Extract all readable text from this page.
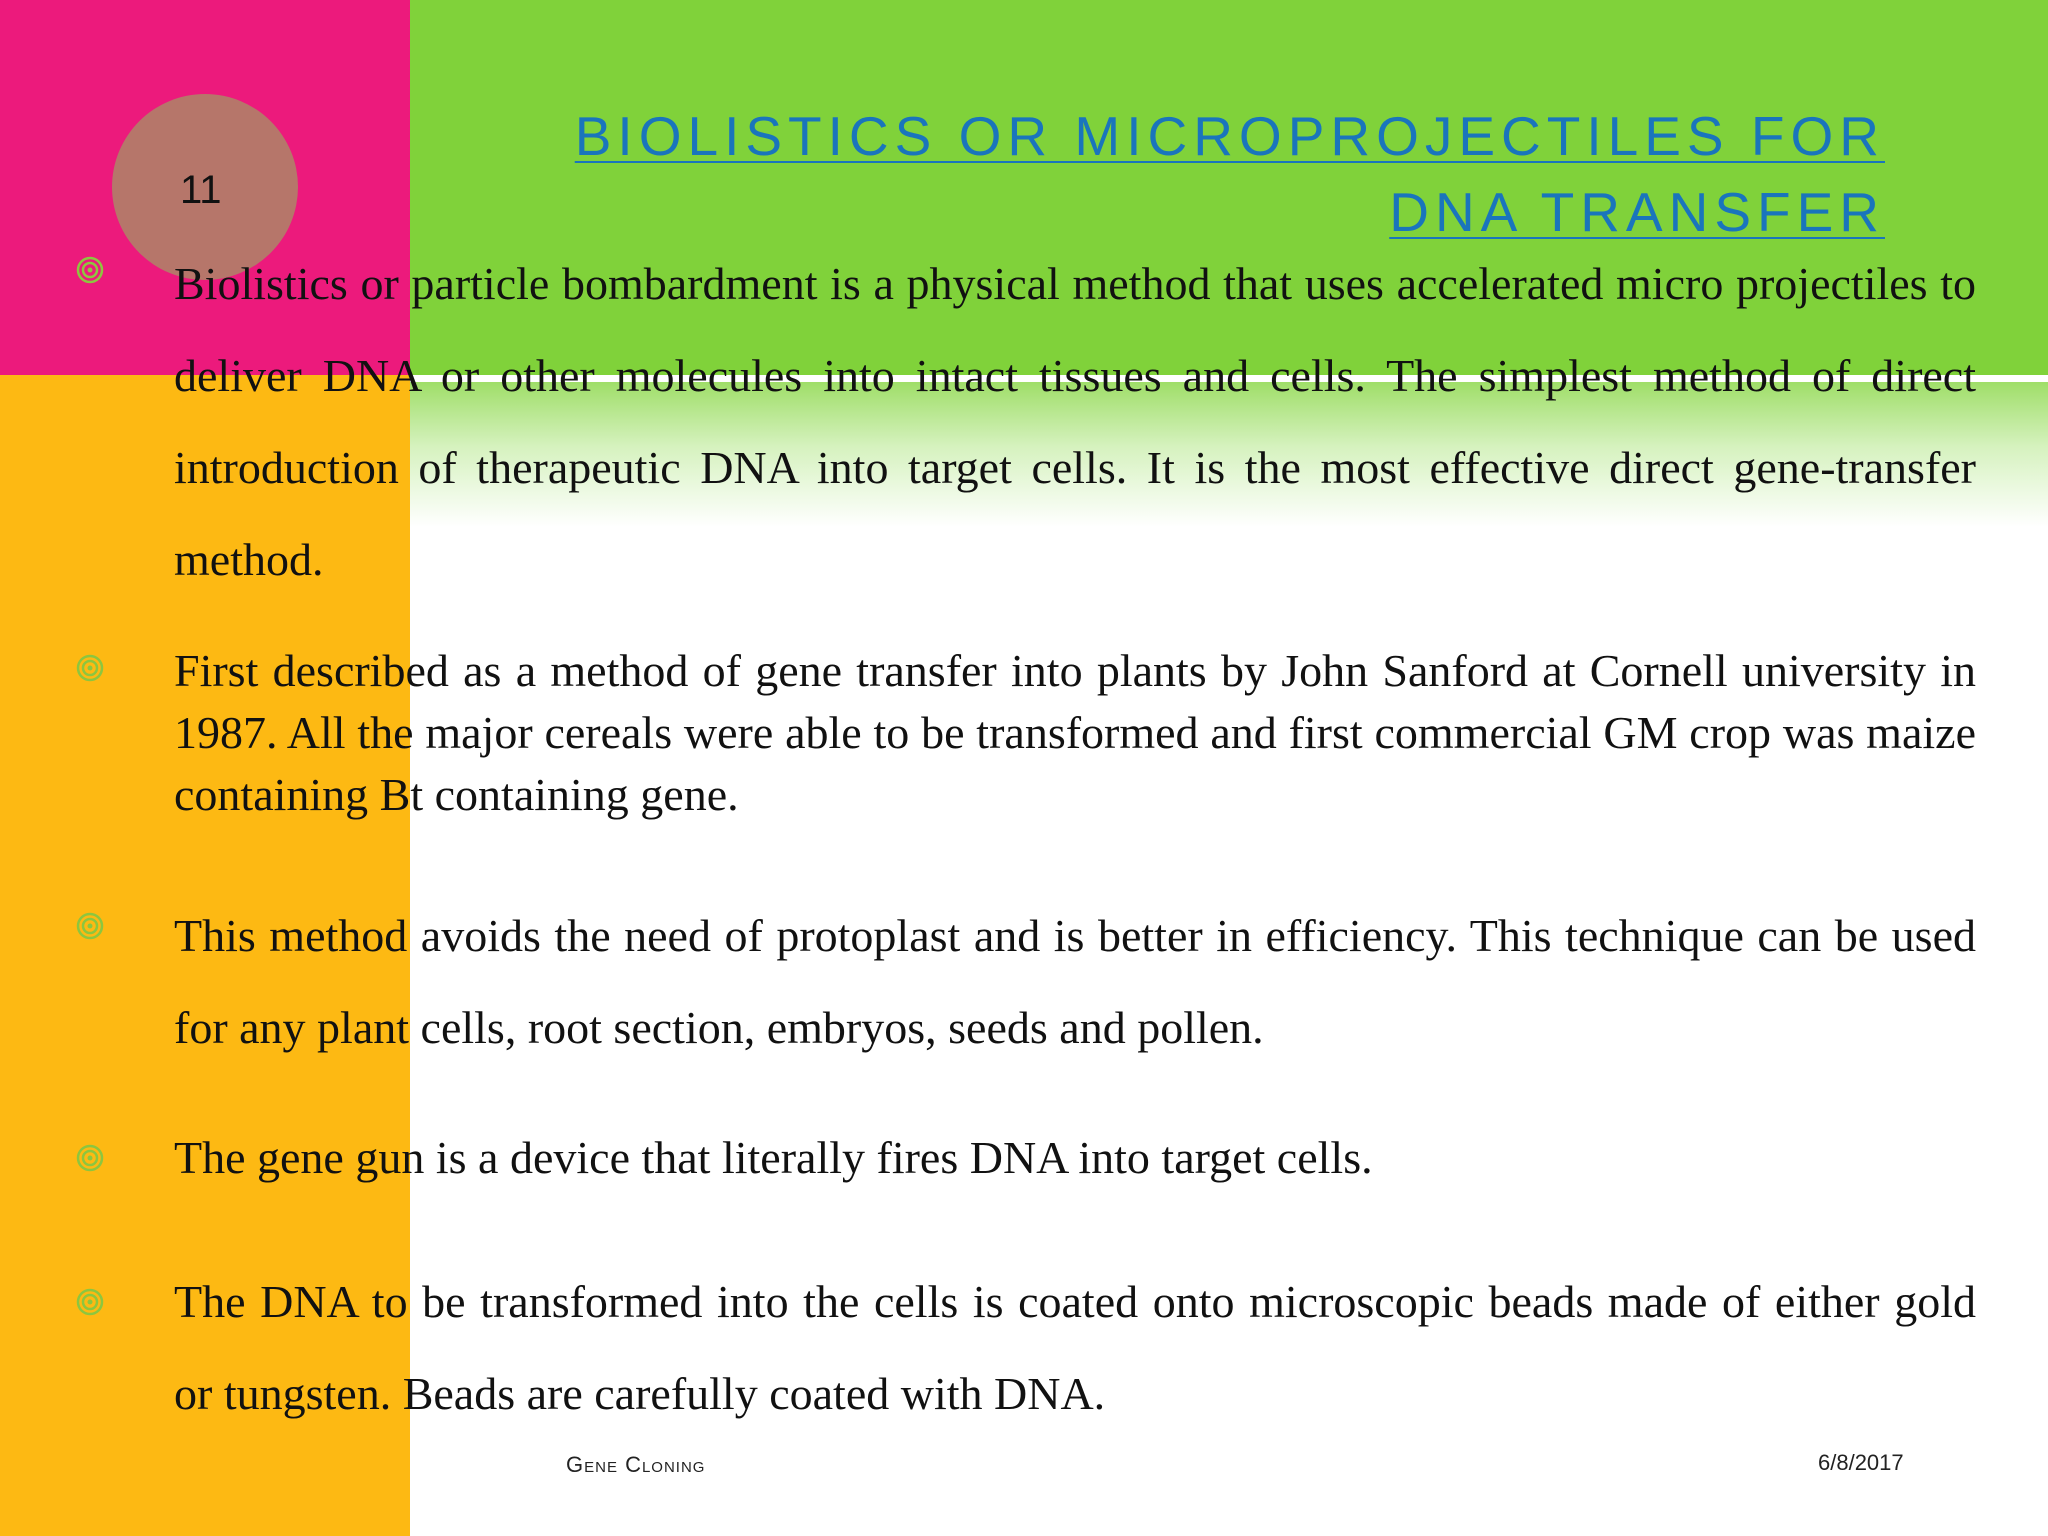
11
BIOLISTICS OR MICROPROJECTILES FOR DNA TRANSFER

Biolistics or particle bombardment is a physical method that uses accelerated micro projectiles to deliver DNA or other molecules into intact tissues and cells. The simplest method of direct introduction of therapeutic DNA into target cells. It is the most effective direct gene-transfer method.

First described as a method of gene transfer into plants by John Sanford at Cornell university in 1987. All the major cereals were able to be transformed and first commercial GM crop was maize containing Bt containing gene.

This method avoids the need of protoplast and is better in efficiency. This technique can be used for any plant cells, root section, embryos, seeds and pollen.

The gene gun is a device that literally fires DNA into target cells.

The DNA to be transformed into the cells is coated onto microscopic beads made of either gold or tungsten. Beads are carefully coated with DNA.

Gene Cloning	6/8/2017
